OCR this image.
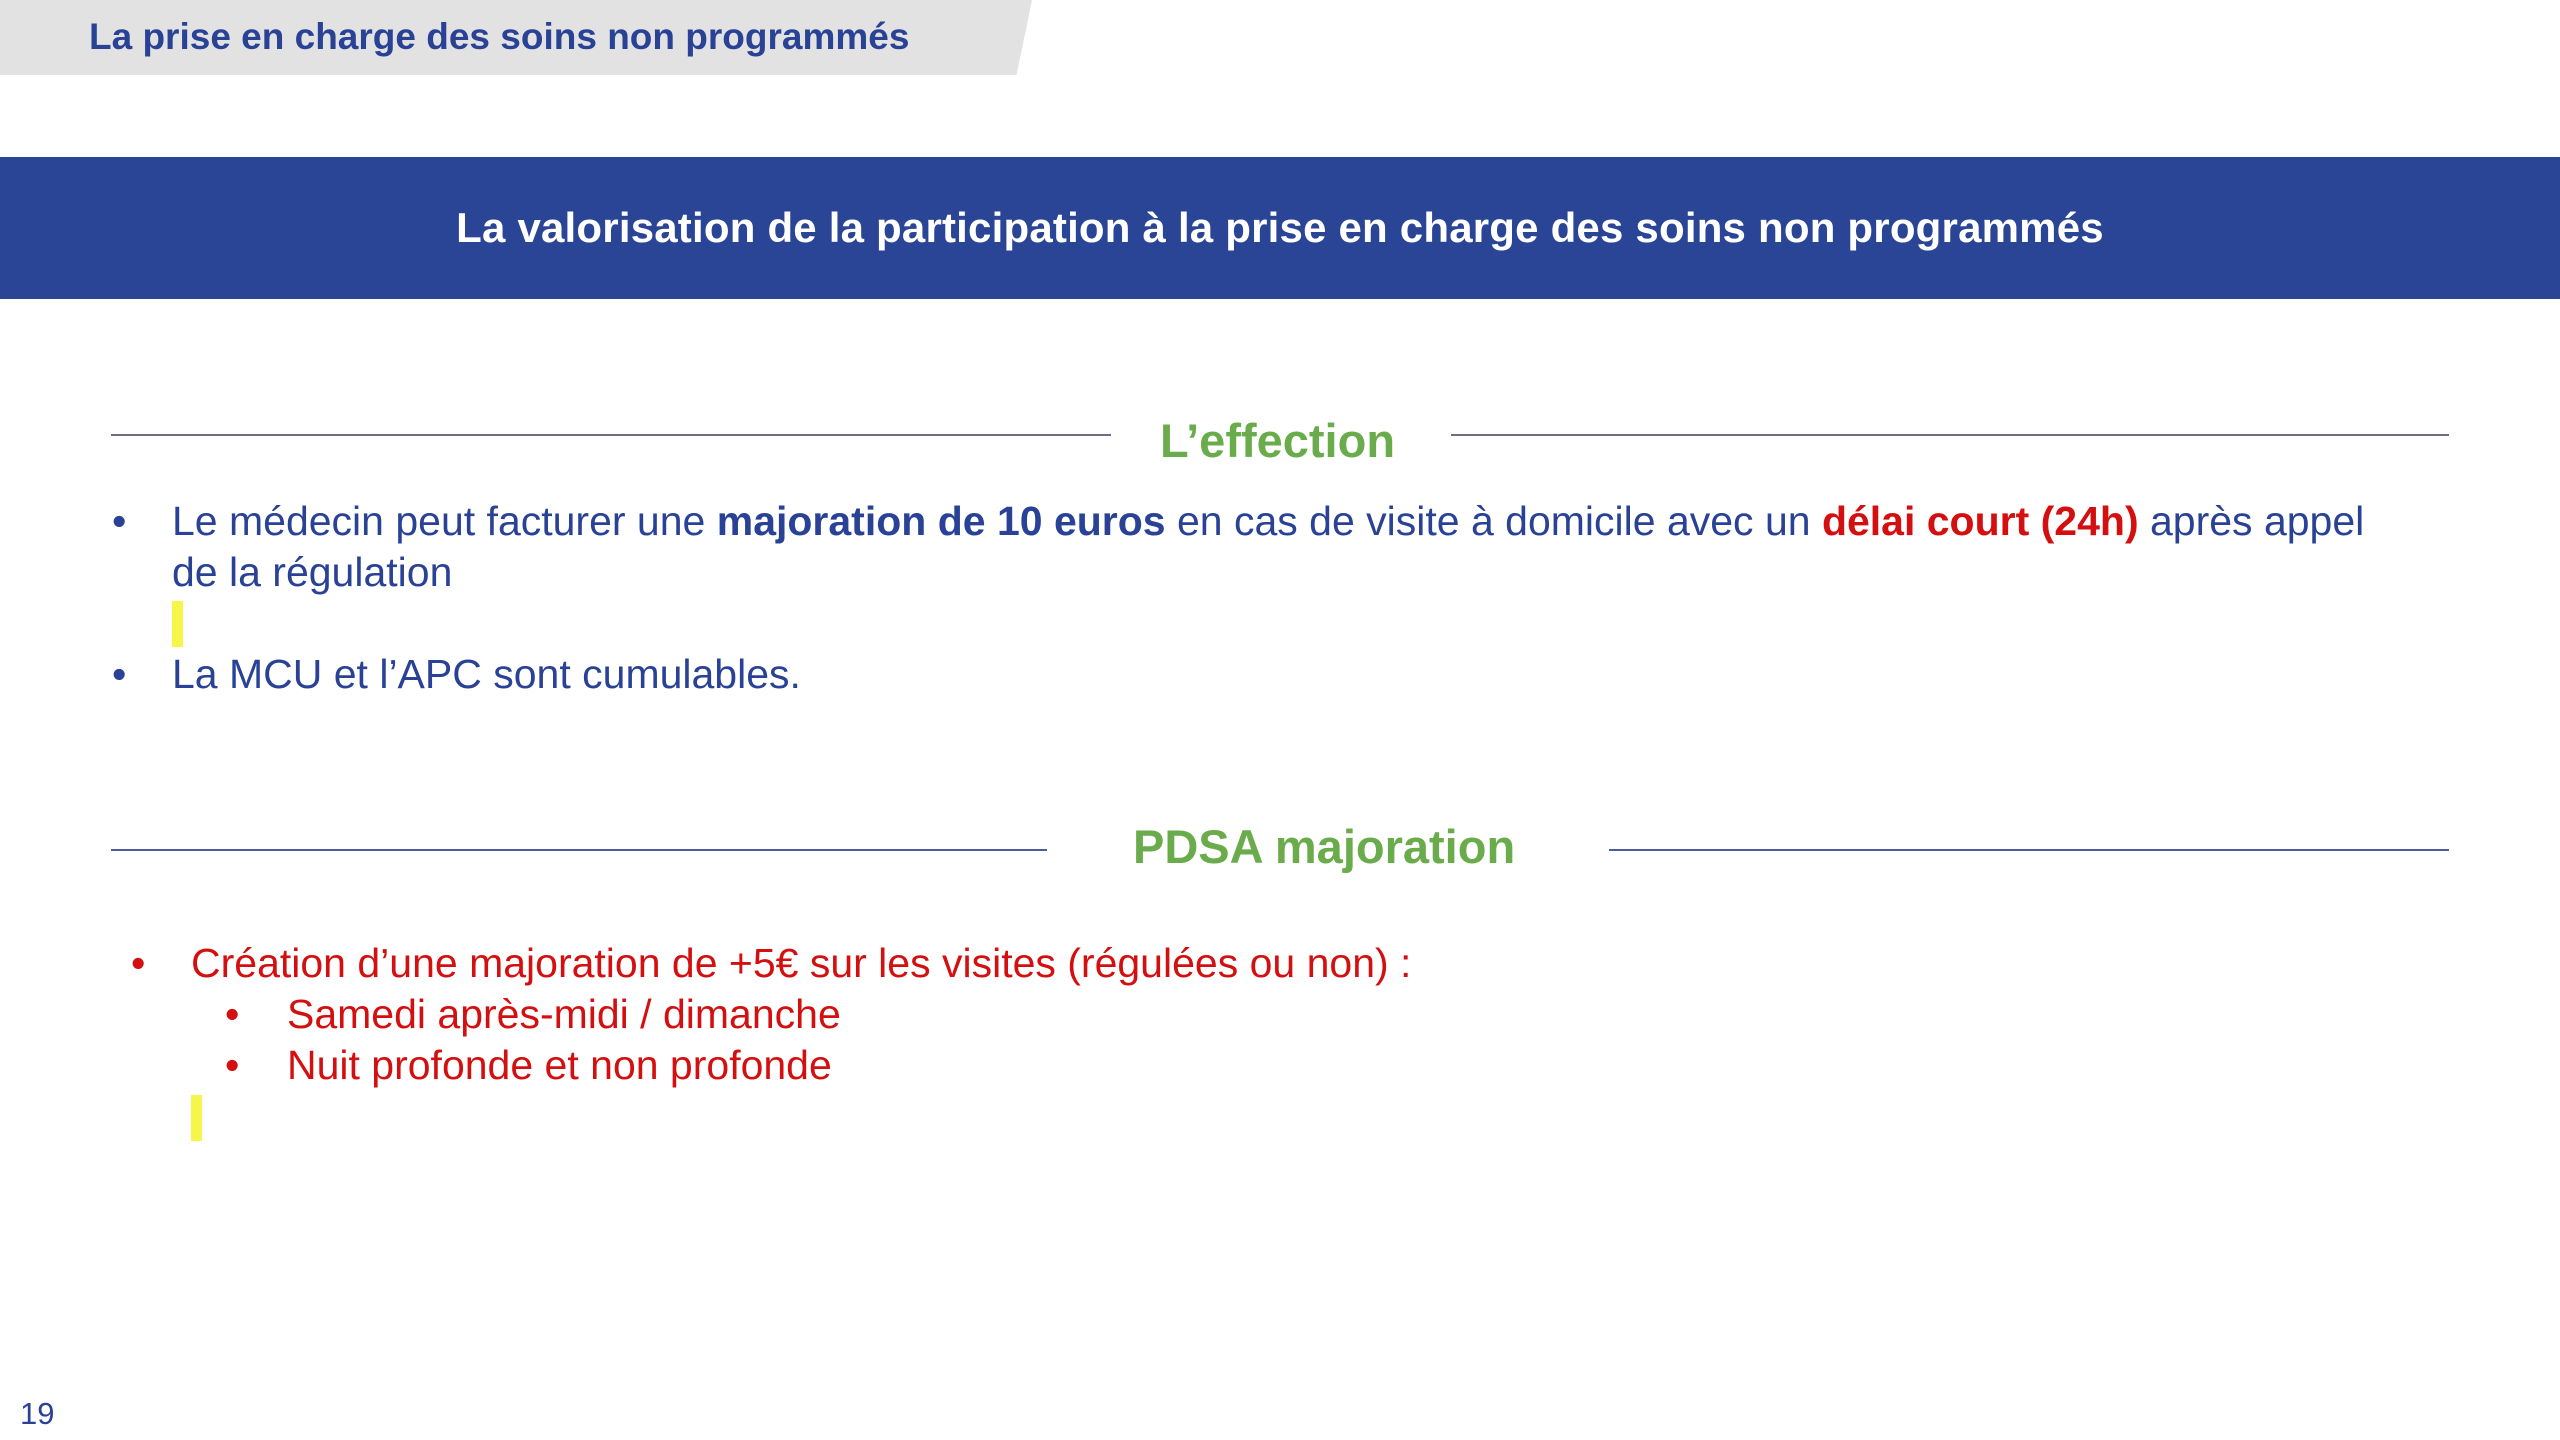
La prise en charge des soins non programmés
La valorisation de la participation à la prise en charge des soins non programmés
L’effection
• Le médecin peut facturer une majoration de 10 euros en cas de visite à domicile avec un délai court (24h) après appel
de la régulation
• La MCU et l’APC sont cumulables.
PDSA majoration
• Création d’une majoration de +5€ sur les visites (régulées ou non) :
• Samedi après-midi / dimanche
• Nuit profonde et non profonde
19
